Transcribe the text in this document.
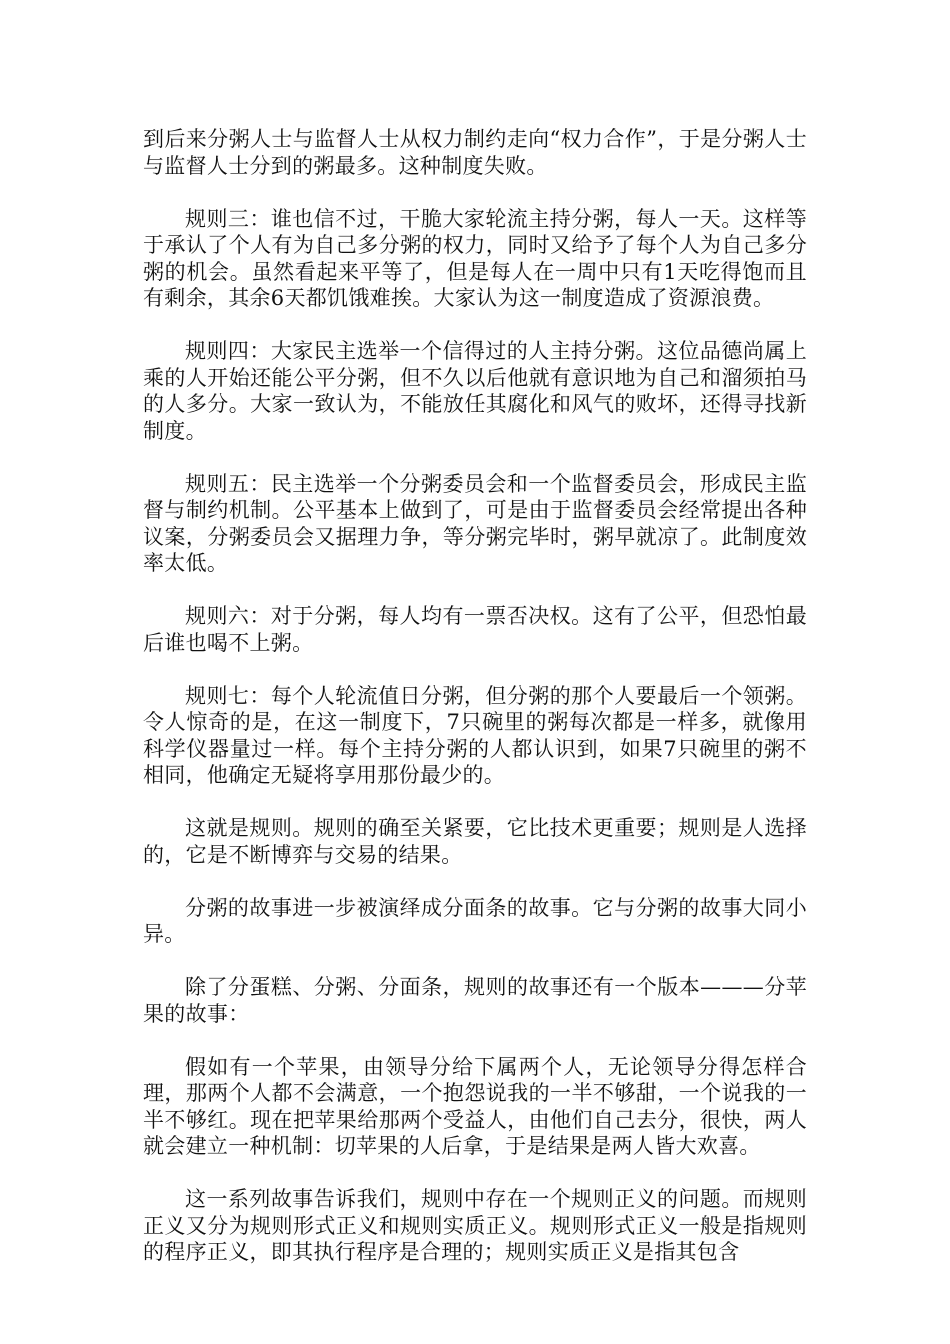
到后来分粥人士与监督人士从权力制约走向“权力合作”，于是分粥人士与监督人士分到的粥最多。这种制度失败。

规则三：谁也信不过，干脆大家轮流主持分粥，每人一天。这样等于承认了个人有为自己多分粥的权力，同时又给予了每个人为自己多分粥的机会。虽然看起来平等了，但是每人在一周中只有1天吃得饱而且有剩余，其余6天都饥饿难挨。大家认为这一制度造成了资源浪费。

规则四：大家民主选举一个信得过的人主持分粥。这位品德尚属上乘的人开始还能公平分粥，但不久以后他就有意识地为自己和溜须拍马的人多分。大家一致认为，不能放任其腐化和风气的败坏，还得寻找新制度。

规则五：民主选举一个分粥委员会和一个监督委员会，形成民主监督与制约机制。公平基本上做到了，可是由于监督委员会经常提出各种议案，分粥委员会又据理力争，等分粥完毕时，粥早就凉了。此制度效率太低。

规则六：对于分粥，每人均有一票否决权。这有了公平，但恐怕最后谁也喝不上粥。

规则七：每个人轮流值日分粥，但分粥的那个人要最后一个领粥。令人惊奇的是，在这一制度下，7只碗里的粥每次都是一样多，就像用科学仪器量过一样。每个主持分粥的人都认识到，如果7只碗里的粥不相同，他确定无疑将享用那份最少的。

这就是规则。规则的确至关紧要，它比技术更重要；规则是人选择的，它是不断博弈与交易的结果。

分粥的故事进一步被演绎成分面条的故事。它与分粥的故事大同小异。

除了分蛋糕、分粥、分面条，规则的故事还有一个版本———分苹果的故事：

假如有一个苹果，由领导分给下属两个人，无论领导分得怎样合理，那两个人都不会满意，一个抱怨说我的一半不够甜，一个说我的一半不够红。现在把苹果给那两个受益人，由他们自己去分，很快，两人就会建立一种机制：切苹果的人后拿，于是结果是两人皆大欢喜。

这一系列故事告诉我们，规则中存在一个规则正义的问题。而规则正义又分为规则形式正义和规则实质正义。规则形式正义一般是指规则的程序正义，即其执行程序是合理的；规则实质正义是指其包含
